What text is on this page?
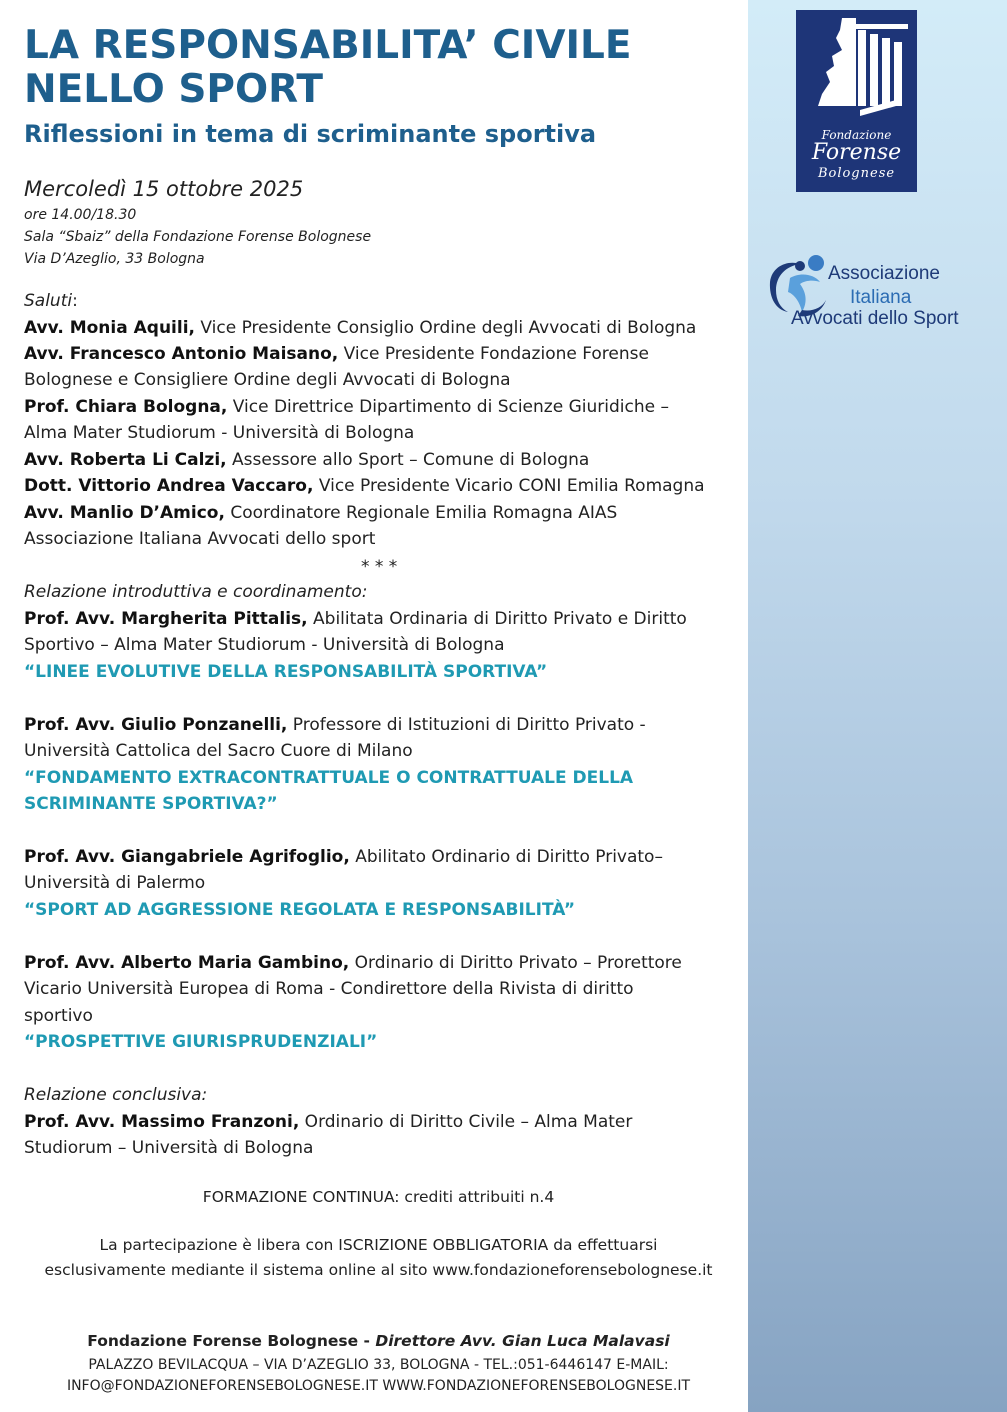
Fondazione
Forense
Bolognese
Associazione
Italiana
Avvocati dello Sport
LA RESPONSABILITA’ CIVILE
NELLO SPORT
Riflessioni in tema di scriminante sportiva
Mercoledì 15 ottobre 2025
ore 14.00/18.30
Sala “Sbaiz” della Fondazione Forense Bolognese
Via D’Azeglio, 33 Bologna
Saluti:
Avv. Monia Aquili, Vice Presidente Consiglio Ordine degli Avvocati di Bologna
Avv. Francesco Antonio Maisano, Vice Presidente Fondazione Forense
Bolognese e Consigliere Ordine degli Avvocati di Bologna
Prof. Chiara Bologna, Vice Direttrice Dipartimento di Scienze Giuridiche –
Alma Mater Studiorum - Università di Bologna
Avv. Roberta Li Calzi, Assessore allo Sport – Comune di Bologna
Dott. Vittorio Andrea Vaccaro, Vice Presidente Vicario CONI Emilia Romagna
Avv. Manlio D’Amico, Coordinatore Regionale Emilia Romagna AIAS
Associazione Italiana Avvocati dello sport
* * *
Relazione introduttiva e coordinamento:
Prof. Avv. Margherita Pittalis, Abilitata Ordinaria di Diritto Privato e Diritto
Sportivo – Alma Mater Studiorum - Università di Bologna
“LINEE EVOLUTIVE DELLA RESPONSABILITÀ SPORTIVA”
Prof. Avv. Giulio Ponzanelli, Professore di Istituzioni di Diritto Privato -
Università Cattolica del Sacro Cuore di Milano
“FONDAMENTO EXTRACONTRATTUALE O CONTRATTUALE DELLA
SCRIMINANTE SPORTIVA?”
Prof. Avv. Giangabriele Agrifoglio, Abilitato Ordinario di Diritto Privato–
Università di Palermo
“SPORT AD AGGRESSIONE REGOLATA E RESPONSABILITÀ”
Prof. Avv. Alberto Maria Gambino, Ordinario di Diritto Privato – Prorettore
Vicario Università Europea di Roma - Condirettore della Rivista di diritto
sportivo
“PROSPETTIVE GIURISPRUDENZIALI”
Relazione conclusiva:
Prof. Avv. Massimo Franzoni, Ordinario di Diritto Civile – Alma Mater
Studiorum – Università di Bologna
FORMAZIONE CONTINUA: crediti attribuiti n.4
La partecipazione è libera con ISCRIZIONE OBBLIGATORIA da effettuarsi
esclusivamente mediante il sistema online al sito www.fondazioneforensebolognese.it
Fondazione Forense Bolognese - Direttore Avv. Gian Luca Malavasi
PALAZZO BEVILACQUA – VIA D’AZEGLIO 33, BOLOGNA - TEL.:051-6446147 E-MAIL:
INFO@FONDAZIONEFORENSEBOLOGNESE.IT WWW.FONDAZIONEFORENSEBOLOGNESE.IT
